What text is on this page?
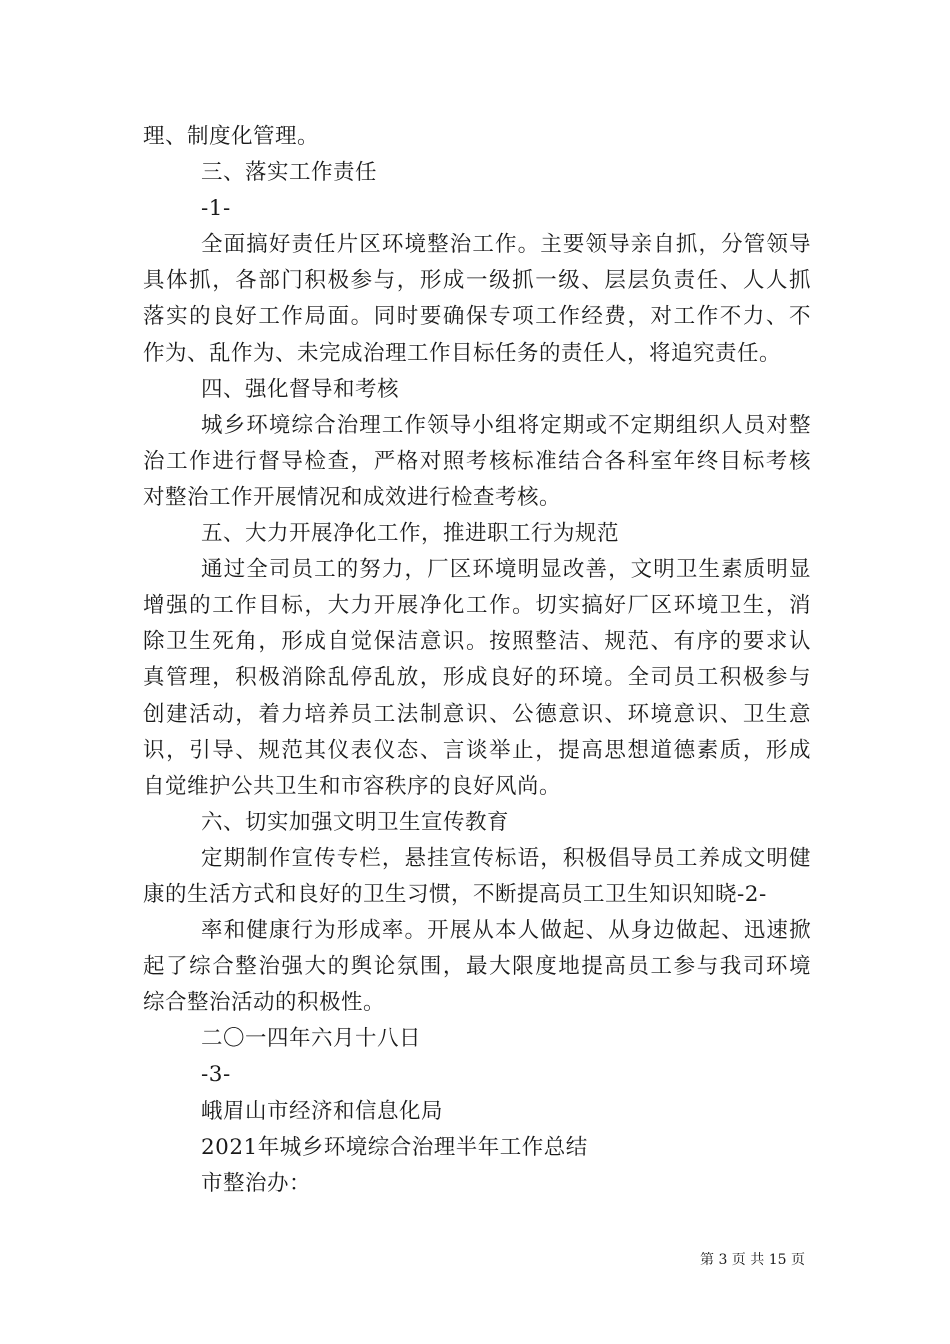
理、制度化管理。
三、落实工作责任
-1-
全面搞好责任片区环境整治工作。主要领导亲自抓，分管领导
具体抓，各部门积极参与，形成一级抓一级、层层负责任、人人抓
落实的良好工作局面。同时要确保专项工作经费，对工作不力、不
作为、乱作为、未完成治理工作目标任务的责任人，将追究责任。
四、强化督导和考核
城乡环境综合治理工作领导小组将定期或不定期组织人员对整
治工作进行督导检查，严格对照考核标准结合各科室年终目标考核
对整治工作开展情况和成效进行检查考核。
五、大力开展净化工作，推进职工行为规范
通过全司员工的努力，厂区环境明显改善，文明卫生素质明显
增强的工作目标，大力开展净化工作。切实搞好厂区环境卫生，消
除卫生死角，形成自觉保洁意识。按照整洁、规范、有序的要求认
真管理，积极消除乱停乱放，形成良好的环境。全司员工积极参与
创建活动，着力培养员工法制意识、公德意识、环境意识、卫生意
识，引导、规范其仪表仪态、言谈举止，提高思想道德素质，形成
自觉维护公共卫生和市容秩序的良好风尚。
六、切实加强文明卫生宣传教育
定期制作宣传专栏，悬挂宣传标语，积极倡导员工养成文明健
康的生活方式和良好的卫生习惯，不断提高员工卫生知识知晓-2-
率和健康行为形成率。开展从本人做起、从身边做起、迅速掀
起了综合整治强大的舆论氛围，最大限度地提高员工参与我司环境
综合整治活动的积极性。
二〇一四年六月十八日
-3-
峨眉山市经济和信息化局
2021年城乡环境综合治理半年工作总结
市整治办：
第 3 页 共 15 页
